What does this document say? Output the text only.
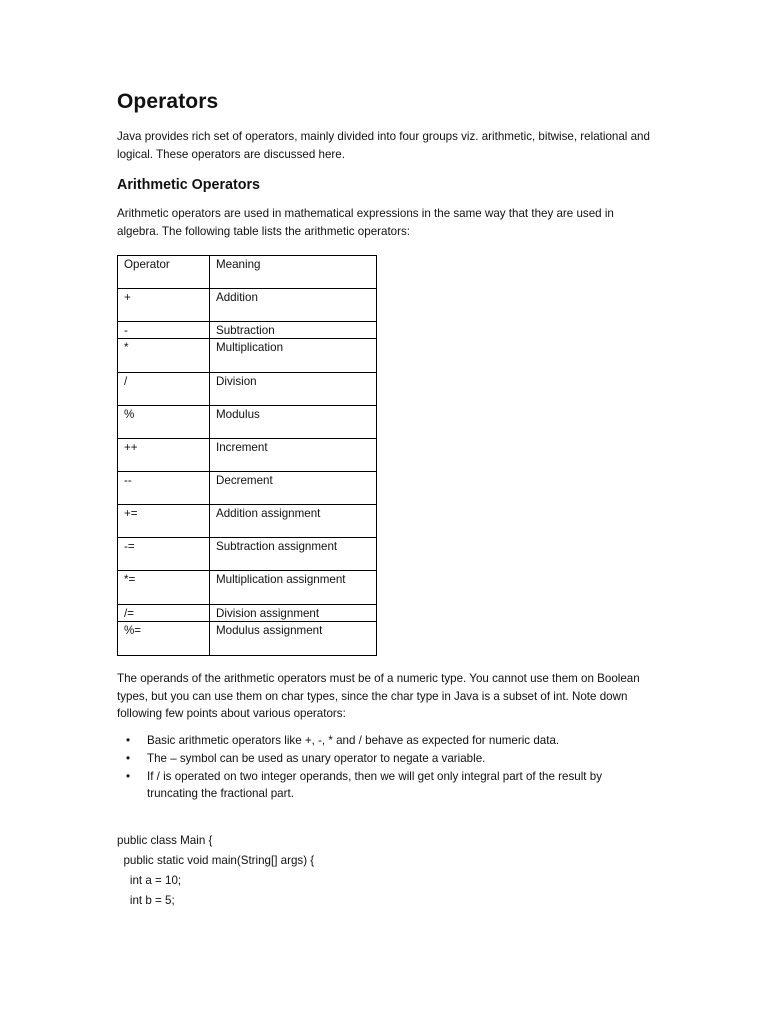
Operators

Java provides rich set of operators, mainly divided into four groups viz. arithmetic, bitwise, relational and logical. These operators are discussed here.

Arithmetic Operators

Arithmetic operators are used in mathematical expressions in the same way that they are used in algebra. The following table lists the arithmetic operators:

Operator	Meaning
+	Addition
-	Subtraction
*	Multiplication
/	Division
%	Modulus
++	Increment
--	Decrement
+=	Addition assignment
-=	Subtraction assignment
*=	Multiplication assignment
/=	Division assignment
%=	Modulus assignment

The operands of the arithmetic operators must be of a numeric type. You cannot use them on Boolean types, but you can use them on char types, since the char type in Java is a subset of int. Note down following few points about various operators:

• Basic arithmetic operators like +, -, * and / behave as expected for numeric data.
• The – symbol can be used as unary operator to negate a variable.
• If / is operated on two integer operands, then we will get only integral part of the result by truncating the fractional part.
public class Main {
public static void main(String[] args) {
int a = 10;
int b = 5;
